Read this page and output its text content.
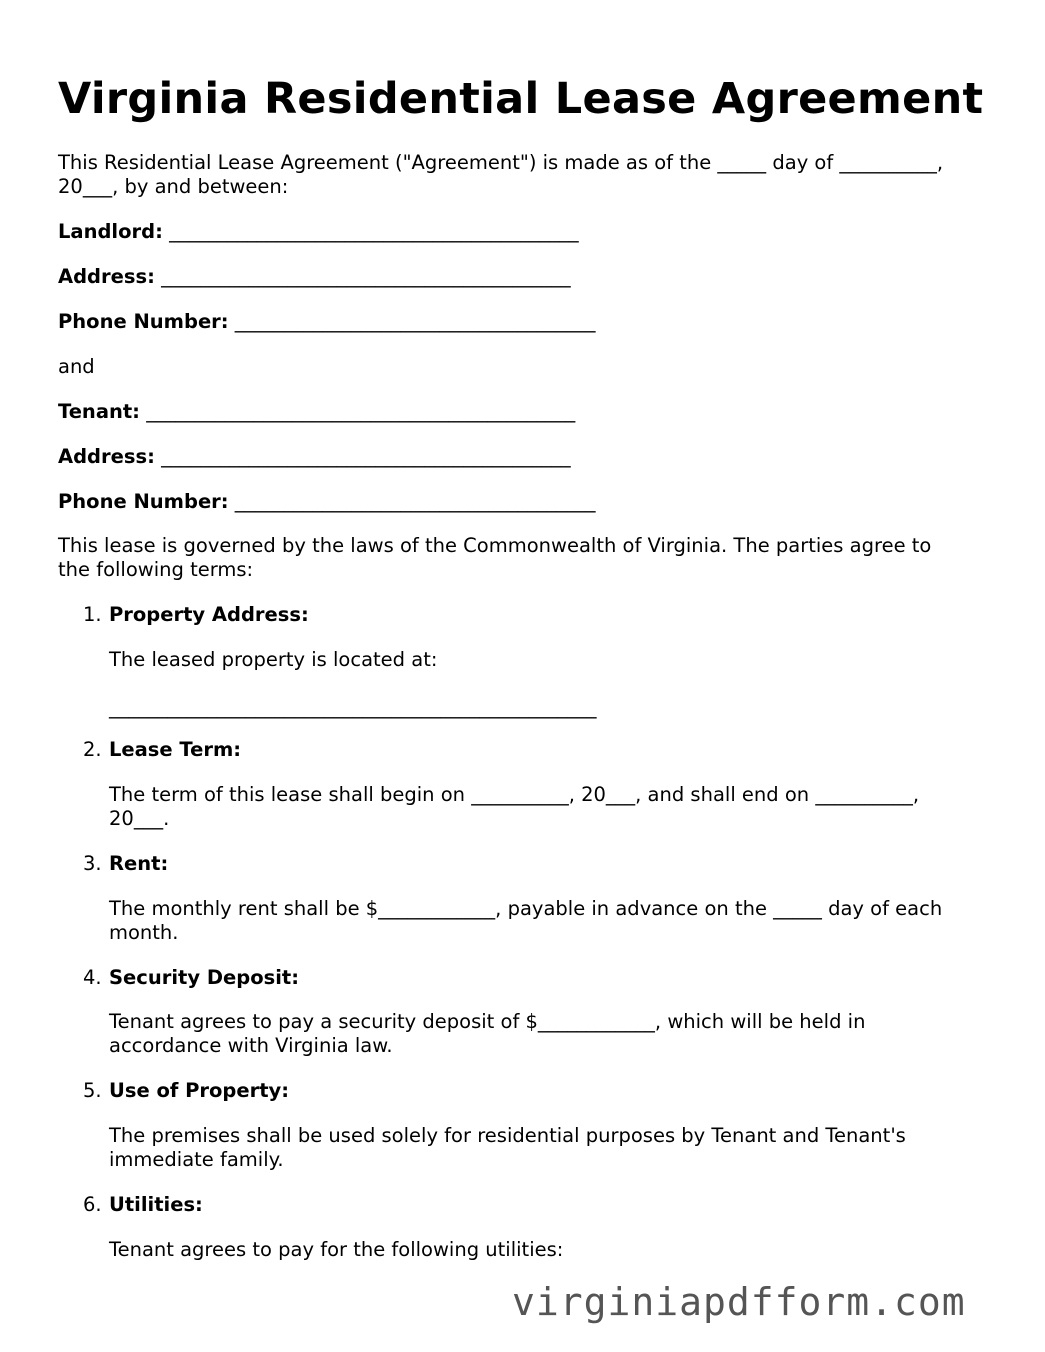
Virginia Residential Lease Agreement

This Residential Lease Agreement ("Agreement") is made as of the _____ day of __________,

20___, by and between:

Landlord: __________________________________________

Address: __________________________________________

Phone Number: _____________________________________

and

Tenant: ____________________________________________

Address: __________________________________________

Phone Number: _____________________________________

This lease is governed by the laws of the Commonwealth of Virginia. The parties agree to

the following terms:

1. Property Address:
The leased property is located at:
__________________________________________________
2. Lease Term:
The term of this lease shall begin on __________, 20___, and shall end on __________,
20___.
3. Rent:
The monthly rent shall be $____________, payable in advance on the _____ day of each
month.
4. Security Deposit:
Tenant agrees to pay a security deposit of $____________, which will be held in
accordance with Virginia law.
5. Use of Property:
The premises shall be used solely for residential purposes by Tenant and Tenant's
immediate family.
6. Utilities:
Tenant agrees to pay for the following utilities:
virginiapdfform.com
